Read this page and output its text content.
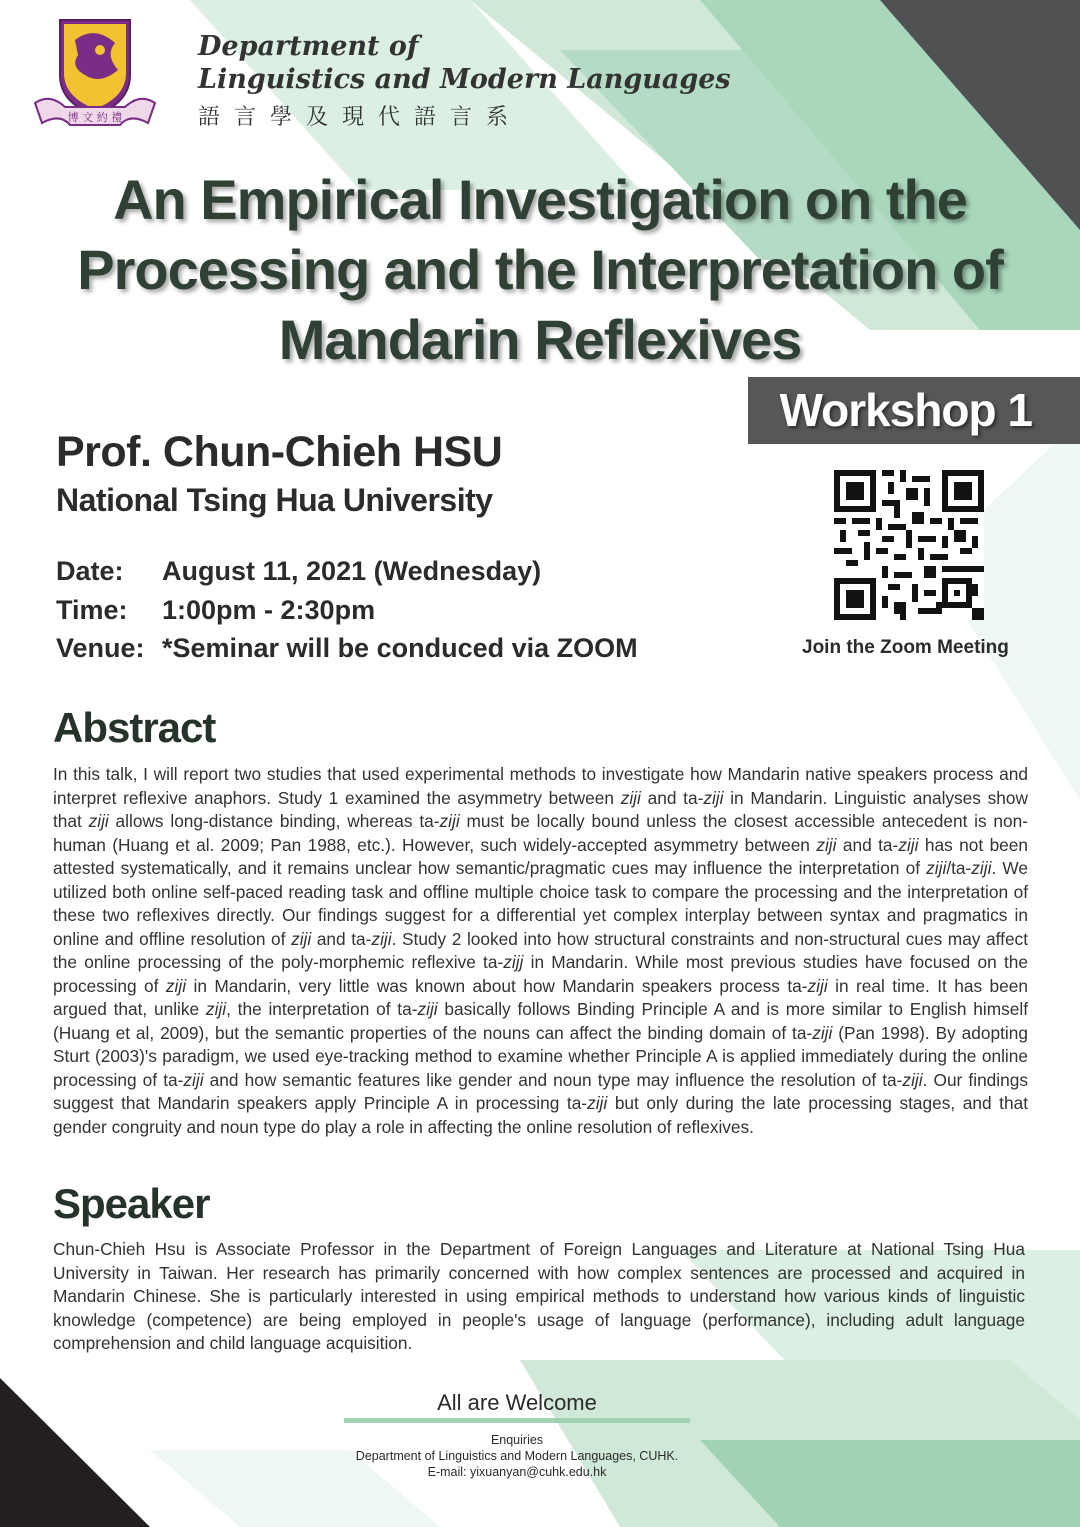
博 文 約 禮
Department of
Linguistics and Modern Languages
語言學及現代語言系
An Empirical Investigation on the
Processing and the Interpretation of
Mandarin Reflexives
Workshop 1
Prof. Chun-Chieh HSU
National Tsing Hua University
Date: August 11, 2021 (Wednesday)
Time: 1:00pm - 2:30pm
Venue: *Seminar will be conduced via ZOOM	Join the Zoom Meeting
Abstract
In this talk, I will report two studies that used experimental methods to investigate how Mandarin native speakers process and interpret reflexive anaphors. Study 1 examined the asymmetry between ziji and ta-ziji in Mandarin. Linguistic analyses show that ziji allows long-distance binding, whereas ta-ziji must be locally bound unless the closest accessible antecedent is non-human (Huang et al. 2009; Pan 1988, etc.). However, such widely-accepted asymmetry between ziji and ta-ziji has not been attested systematically, and it remains unclear how semantic/pragmatic cues may influence the interpretation of ziji/ta-ziji. We utilized both online self-paced reading task and offline multiple choice task to compare the processing and the interpretation of these two reflexives directly. Our findings suggest for a differential yet complex interplay between syntax and pragmatics in online and offline resolution of ziji and ta-ziji. Study 2 looked into how structural constraints and non-structural cues may affect the online processing of the poly-morphemic reflexive ta-zijj in Mandarin. While most previous studies have focused on the processing of ziji in Mandarin, very little was known about how Mandarin speakers process ta-ziji in real time. It has been argued that, unlike ziji, the interpretation of ta-ziji basically follows Binding Principle A and is more similar to English himself (Huang et al, 2009), but the semantic properties of the nouns can affect the binding domain of ta-ziji (Pan 1998). By adopting Sturt (2003)'s paradigm, we used eye-tracking method to examine whether Principle A is applied immediately during the online processing of ta-ziji and how semantic features like gender and noun type may influence the resolution of ta-ziji. Our findings suggest that Mandarin speakers apply Principle A in processing ta-ziji but only during the late processing stages, and that gender congruity and noun type do play a role in affecting the online resolution of reflexives.
Speaker
Chun-Chieh Hsu is Associate Professor in the Department of Foreign Languages and Literature at National Tsing Hua University in Taiwan. Her research has primarily concerned with how complex sentences are processed and acquired in Mandarin Chinese. She is particularly interested in using empirical methods to understand how various kinds of linguistic knowledge (competence) are being employed in people's usage of language (performance), including adult language comprehension and child language acquisition.
All are Welcome
Enquiries
Department of Linguistics and Modern Languages, CUHK.
E-mail: yixuanyan@cuhk.edu.hk
